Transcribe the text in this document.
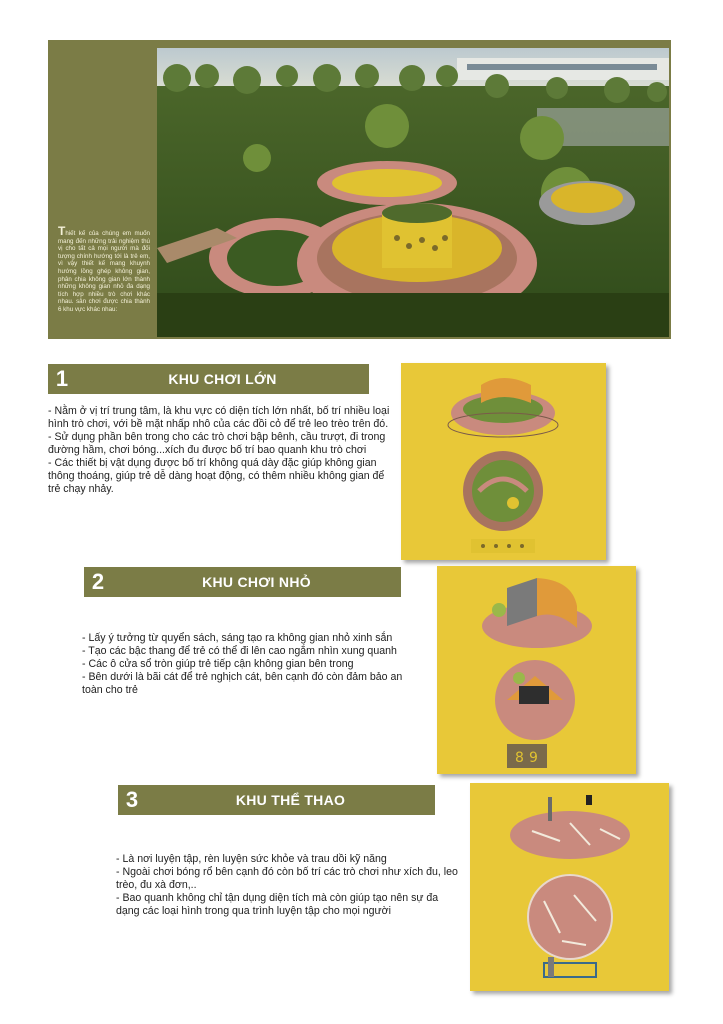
Thiết kế của chúng em muốn mang đến những trải nghiệm thú vị cho tất cả mọi người mà đối tượng chính hướng tới là trẻ em, vì vậy thiết kế mang khuynh hướng lồng ghép không gian, phân chia không gian lớn thành những không gian nhỏ đa dạng tích hợp nhiều trò chơi khác nhau. sân chơi được chia thành 6 khu vực khác nhau:
1	KHU CHƠI LỚN

- Nằm ở vị trí trung tâm, là khu vực có diện tích lớn nhất, bố trí nhiều loại hình trò chơi, với bề mặt nhấp nhô của các đồi cỏ để trẻ leo trèo trên đó.

- Sử dụng phần bên trong cho các trò chơi bập bênh, cầu trượt, đi trong đường hầm, chơi bóng...xích đu được bố trí bao quanh khu trò chơi

- Các thiết bị vật dụng được bố trí không quá dày đặc giúp không gian thông thoáng, giúp trẻ dễ dàng hoạt động, có thêm nhiều không gian để trẻ chạy nhảy.

2	KHU CHƠI NHỎ

- Lấy ý tưởng từ quyển sách, sáng tạo ra không gian nhỏ xinh sắn

- Tạo các bậc thang để trẻ có thể đi lên cao ngắm nhìn xung quanh

- Các ô cửa sổ tròn giúp trẻ tiếp cận không gian bên trong

- Bên dưới là bãi cát để trẻ nghịch cát, bên cạnh đó còn đảm bảo an toàn cho trẻ

8 9
3	KHU THỂ THAO

- Là nơi luyện tập, rèn luyện sức khỏe và trau dồi kỹ năng

- Ngoài chơi bóng rổ bên cạnh đó còn bố trí các trò chơi như xích đu, leo trèo, đu xà đơn,..

- Bao quanh không chỉ tận dụng diện tích mà còn giúp tạo nên sự đa dạng các loại hình trong qua trình luyện tập cho mọi người
